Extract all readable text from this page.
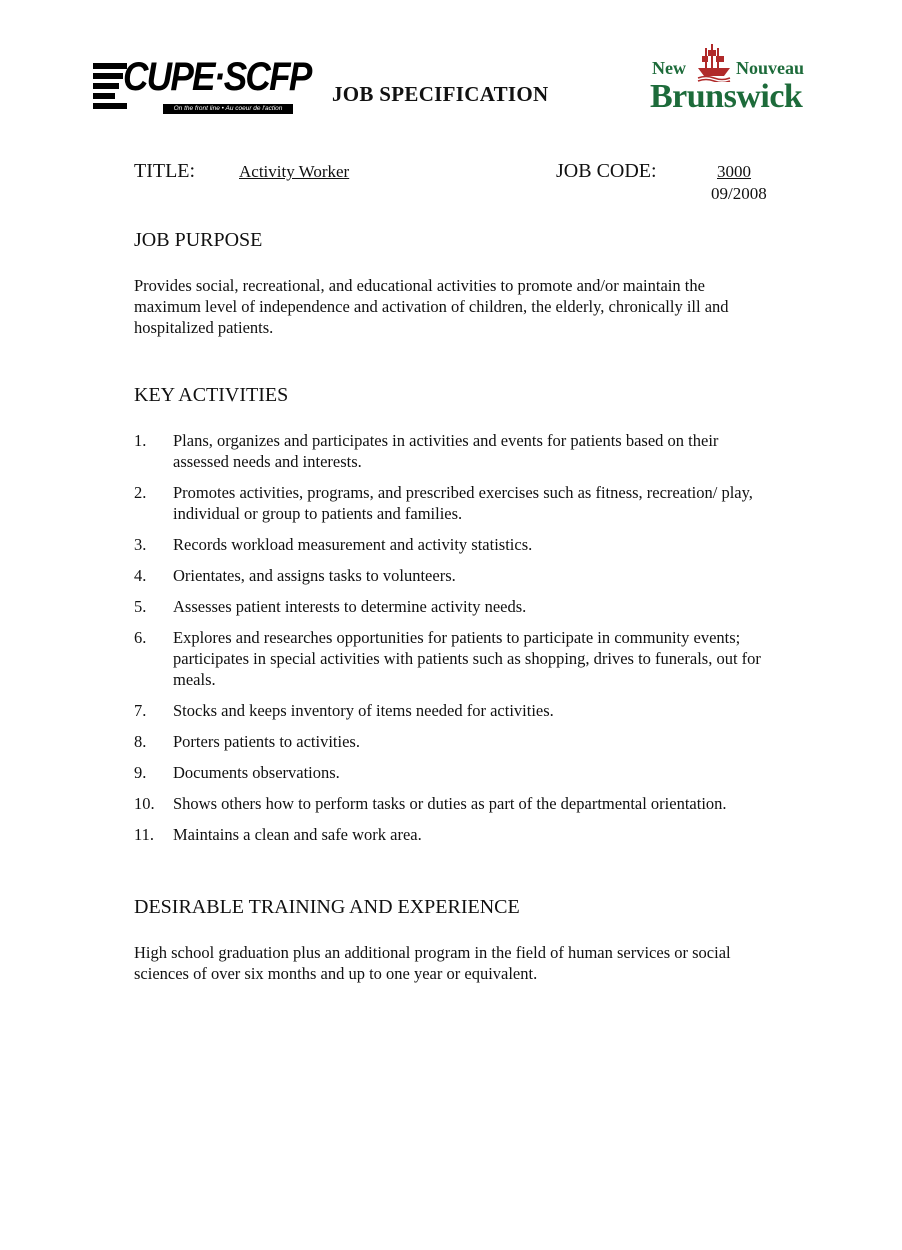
CUPE·SCFP
On the front line • Au coeur de l'action
JOB SPECIFICATION
New	Nouveau
Brunswick
TITLE:	Activity Worker	JOB CODE:	3000
09/2008
JOB PURPOSE
Provides social, recreational, and educational activities to promote and/or maintain the maximum level of independence and activation of children, the elderly, chronically ill and hospitalized patients.
KEY ACTIVITIES
1.	Plans, organizes and participates in activities and events for patients based on their assessed needs and interests.
2.	Promotes activities, programs, and prescribed exercises such as fitness, recreation/ play, individual or group to patients and families.
3.	Records workload measurement and activity statistics.
4.	Orientates, and assigns tasks to volunteers.
5.	Assesses patient interests to determine activity needs.
6.	Explores and researches opportunities for patients to participate in community events; participates in special activities with patients such as shopping, drives to funerals, out for meals.
7.	Stocks and keeps inventory of items needed for activities.
8.	Porters patients to activities.
9.	Documents observations.
10.	Shows others how to perform tasks or duties as part of the departmental orientation.
11.	Maintains a clean and safe work area.
DESIRABLE TRAINING AND EXPERIENCE
High school graduation plus an additional program in the field of human services or social sciences of over six months and up to one year or equivalent.
